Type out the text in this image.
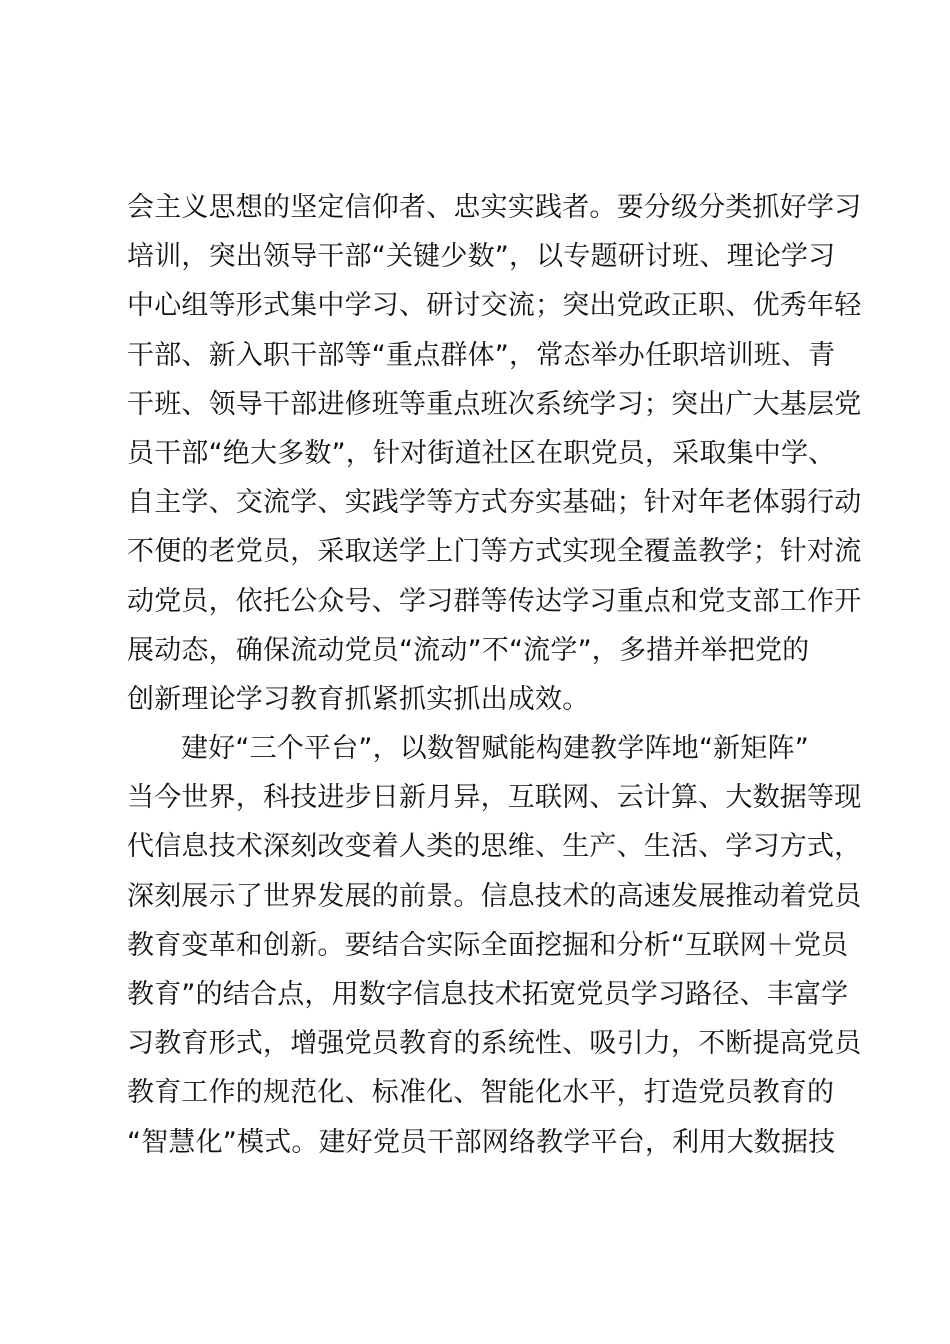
会主义思想的坚定信仰者、忠实实践者。要分级分类抓好学习
培训，突出领导干部“关键少数”，以专题研讨班、理论学习
中心组等形式集中学习、研讨交流；突出党政正职、优秀年轻
干部、新入职干部等“重点群体”，常态举办任职培训班、青
干班、领导干部进修班等重点班次系统学习；突出广大基层党
员干部“绝大多数”，针对街道社区在职党员，采取集中学、
自主学、交流学、实践学等方式夯实基础；针对年老体弱行动
不便的老党员，采取送学上门等方式实现全覆盖教学；针对流
动党员，依托公众号、学习群等传达学习重点和党支部工作开
展动态，确保流动党员“流动”不“流学”，多措并举把党的
创新理论学习教育抓紧抓实抓出成效。
建好“三个平台”，以数智赋能构建教学阵地“新矩阵”
当今世界，科技进步日新月异，互联网、云计算、大数据等现
代信息技术深刻改变着人类的思维、生产、生活、学习方式，
深刻展示了世界发展的前景。信息技术的高速发展推动着党员
教育变革和创新。要结合实际全面挖掘和分析“互联网＋党员
教育”的结合点，用数字信息技术拓宽党员学习路径、丰富学
习教育形式，增强党员教育的系统性、吸引力，不断提高党员
教育工作的规范化、标准化、智能化水平，打造党员教育的
“智慧化”模式。建好党员干部网络教学平台，利用大数据技
